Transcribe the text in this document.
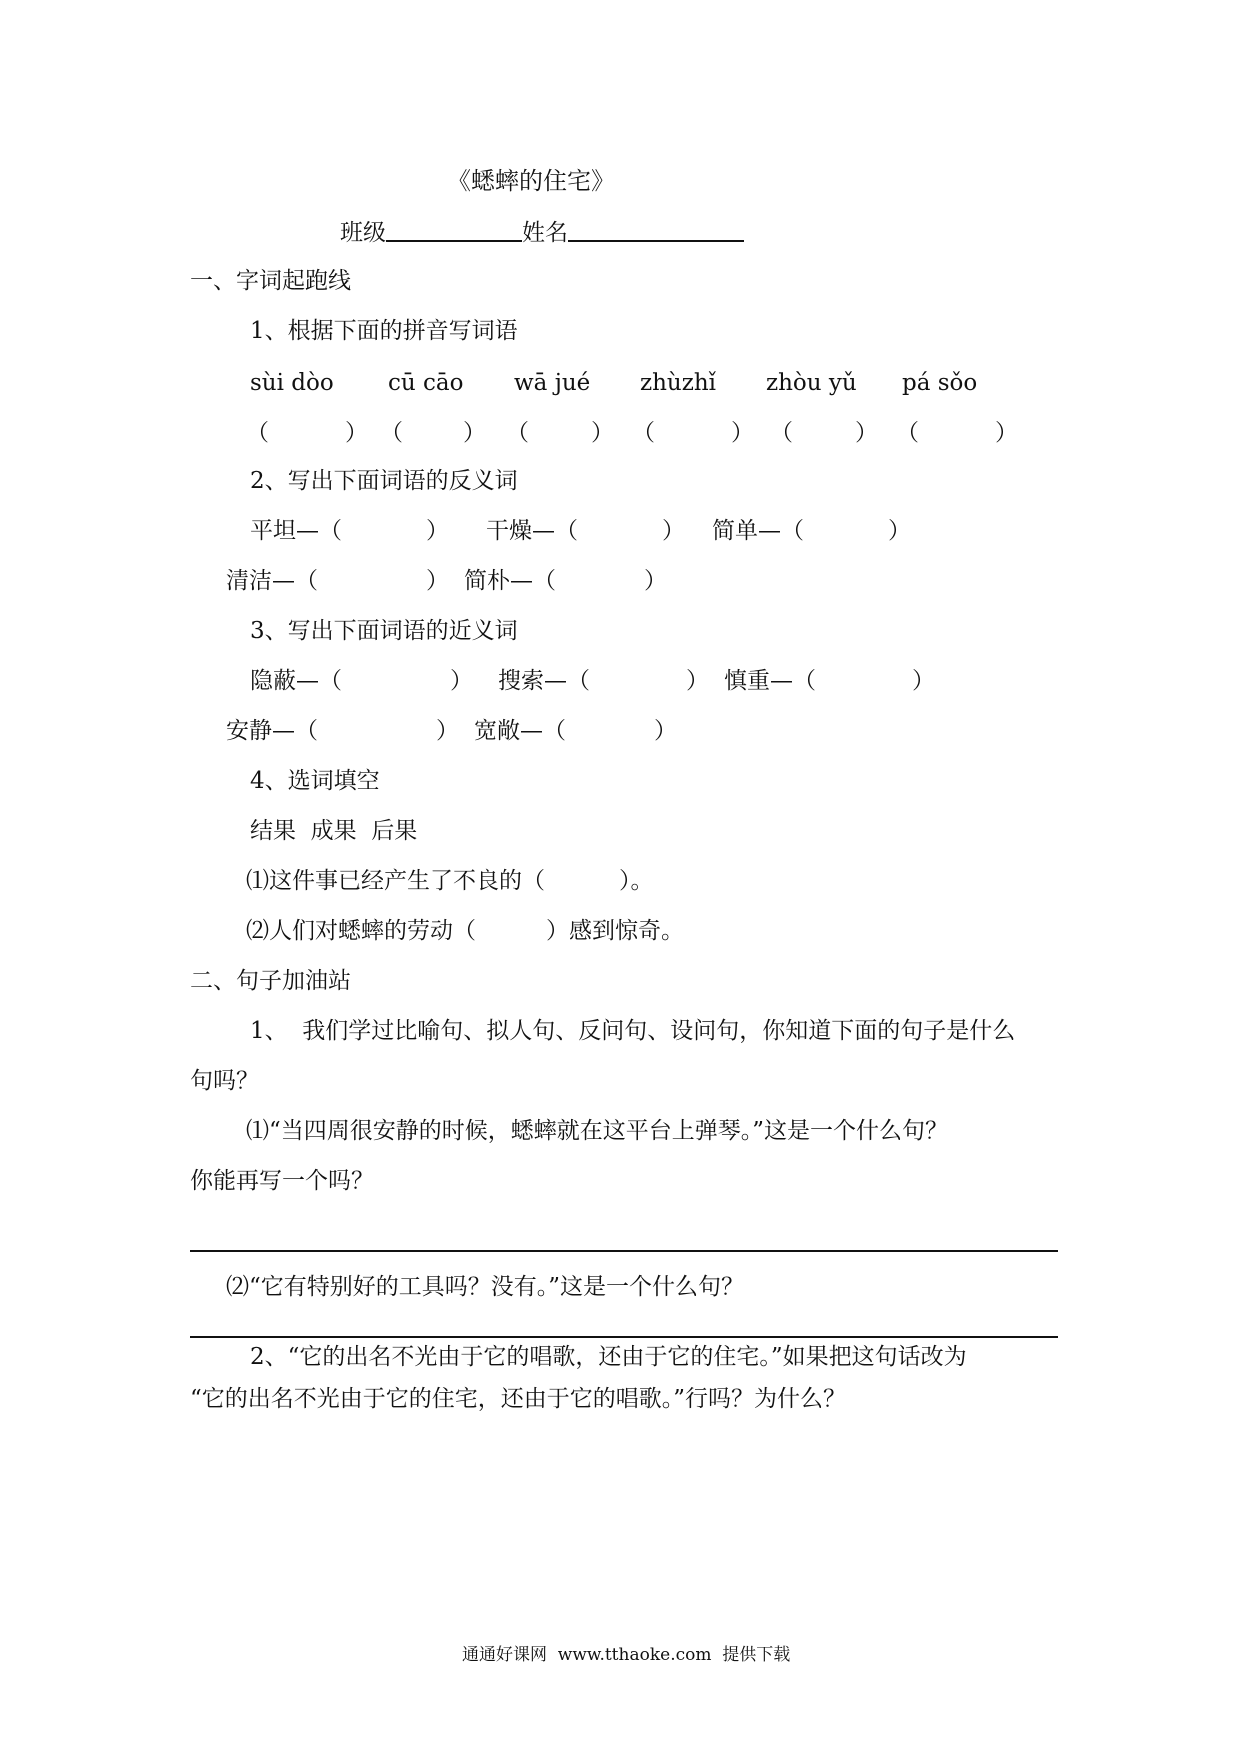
《蟋蟀的住宅》
班级	姓名
一、字词起跑线
1、根据下面的拼音写词语
sùi dòo cū cāo wā jué zhùzhǐ zhòu yǔ pá sǒo
（	） （	） （	） （	） （	） （	）
2、写出下面词语的反义词
平坦—（	） 干燥—（	） 简单—（	）
清洁—（	） 简朴—（	）
3、写出下面词语的近义词
隐蔽—（	） 搜索—（	） 慎重—（	）
安静—（	） 宽敞—（	）
4、选词填空
结果  成果  后果
⑴这件事已经产生了不良的（	）。
⑵人们对蟋蟀的劳动（	）感到惊奇。
二、句子加油站
1、  我们学过比喻句、拟人句、反问句、设问句，你知道下面的句子是什么
句吗？
⑴“当四周很安静的时候，蟋蟀就在这平台上弹琴。”这是一个什么句？
你能再写一个吗？
⑵“它有特别好的工具吗？没有。”这是一个什么句？
2、“它的出名不光由于它的唱歌，还由于它的住宅。”如果把这句话改为
“它的出名不光由于它的住宅，还由于它的唱歌。”行吗？为什么？
通通好课网  www.tthaoke.com  提供下载
